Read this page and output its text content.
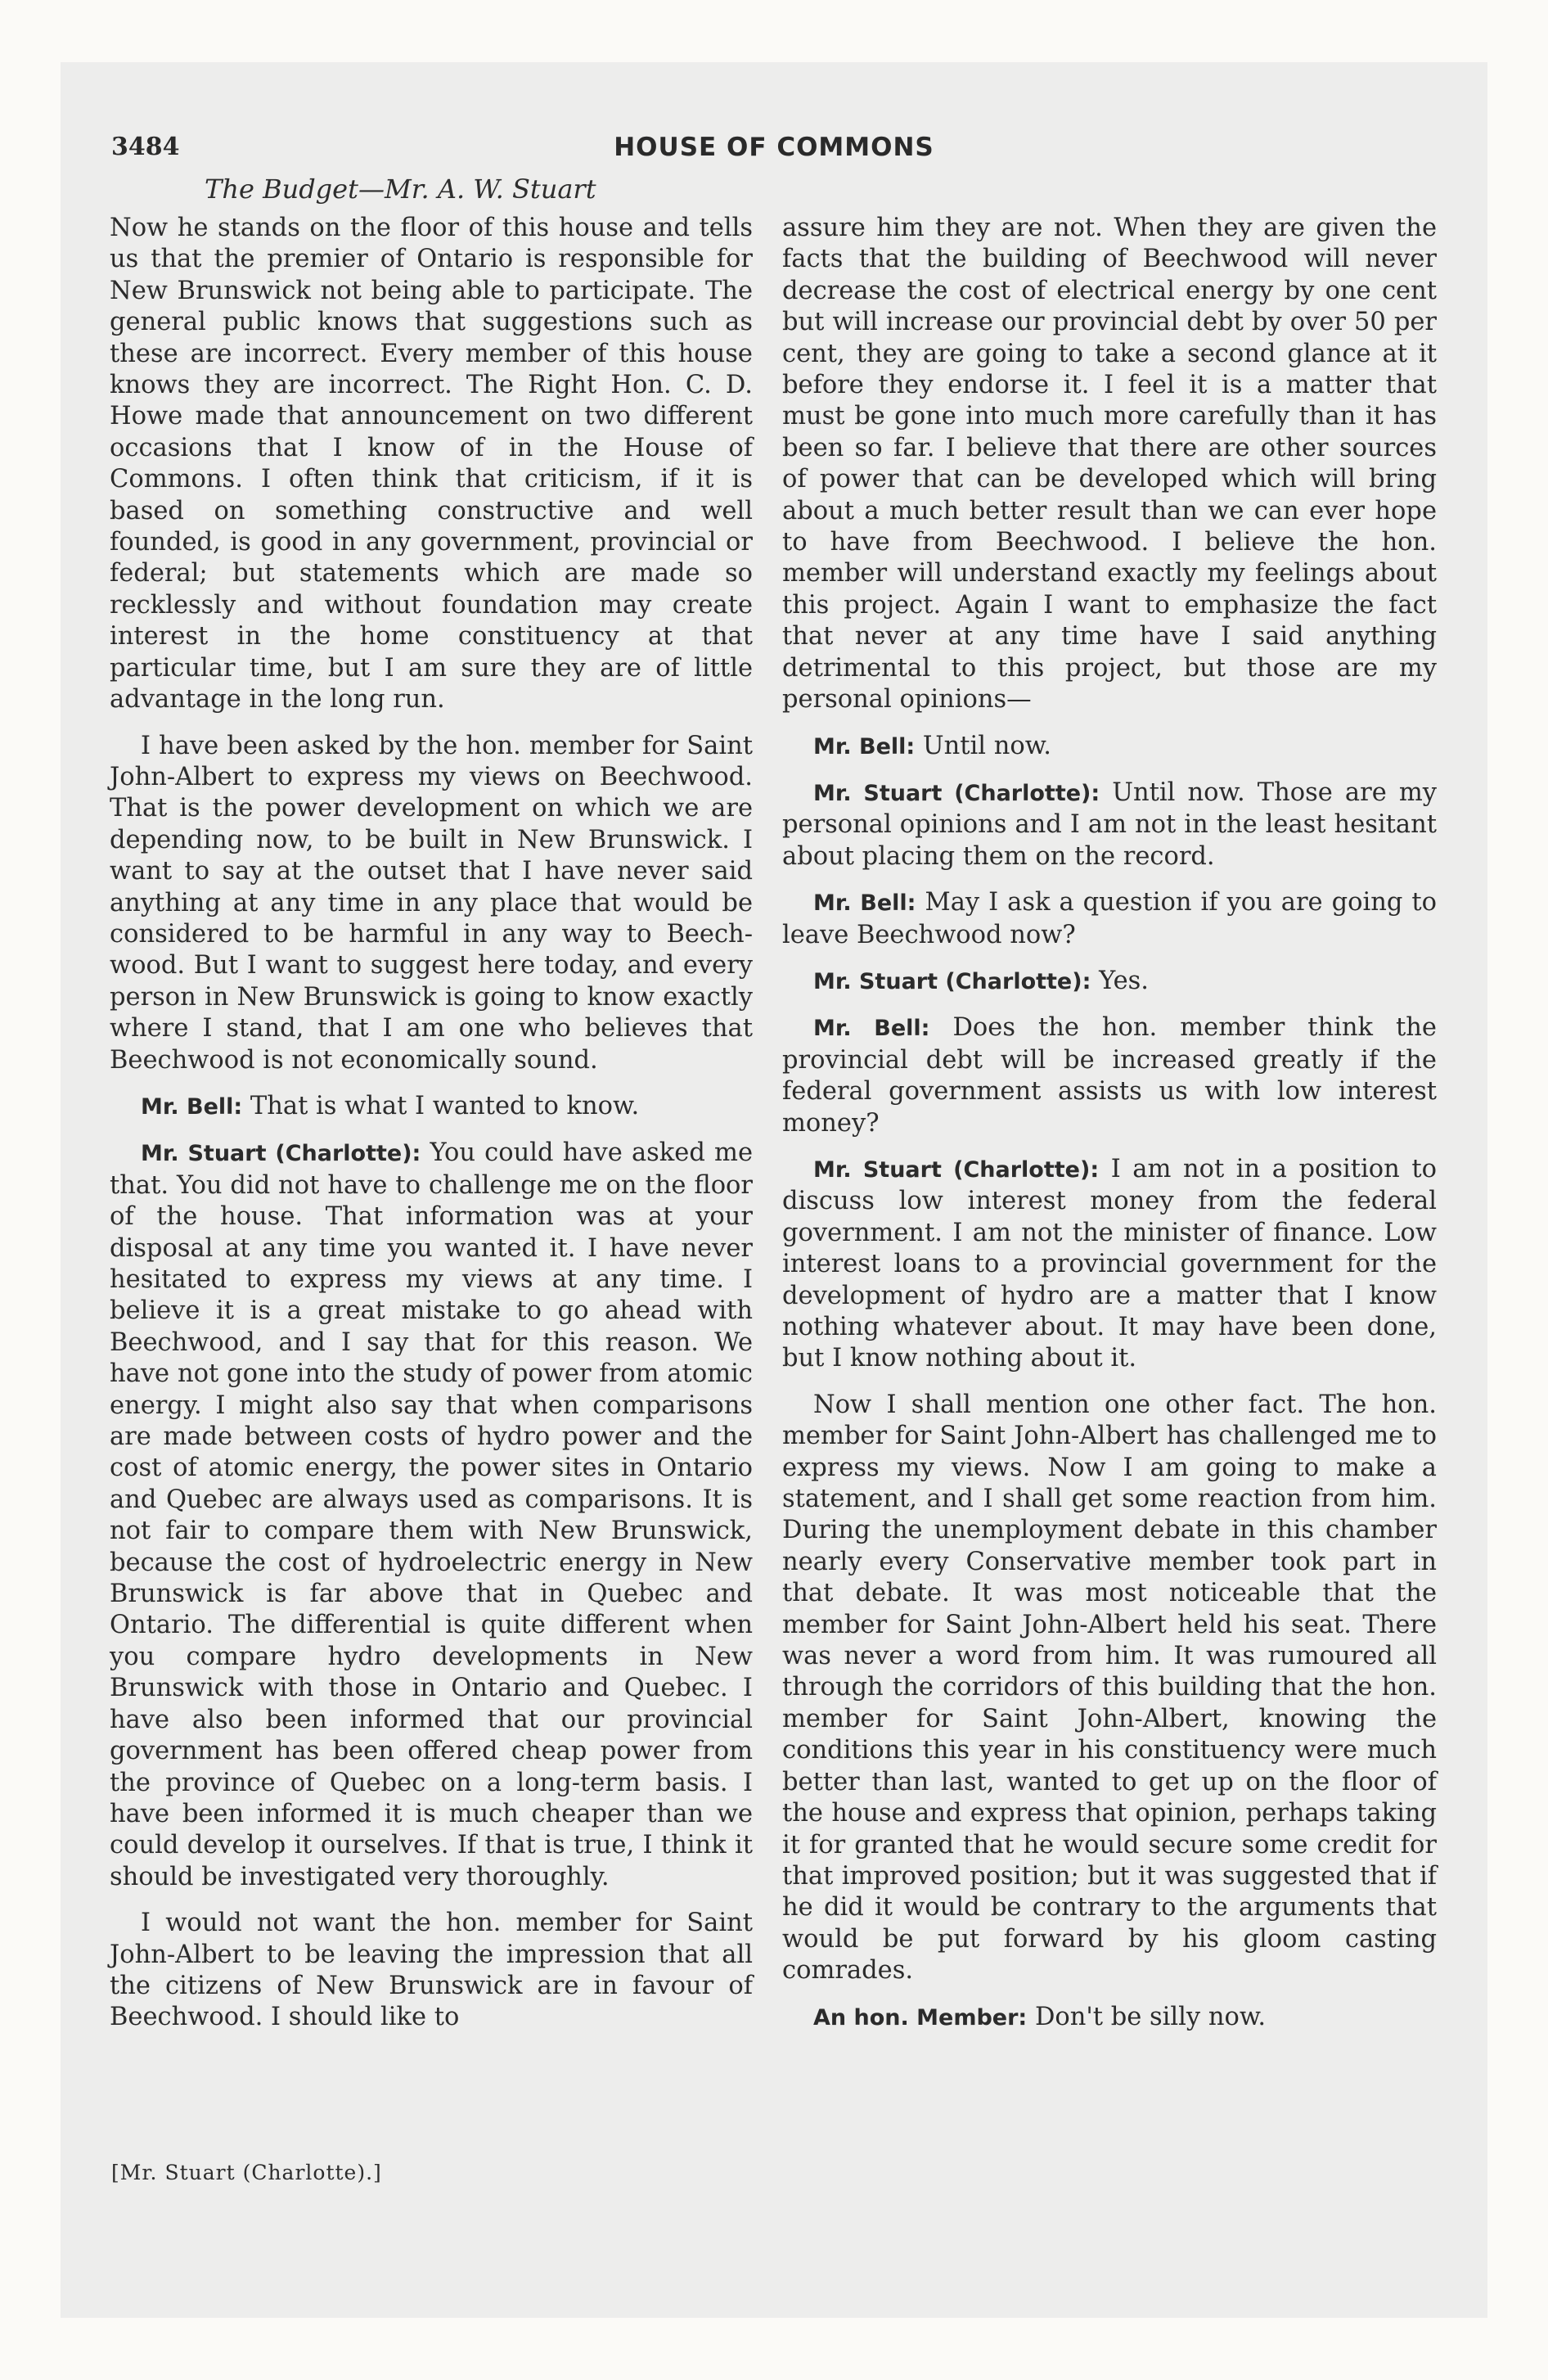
3484	HOUSE OF COMMONS
The Budget—Mr. A. W. Stuart

Now he stands on the floor of this house and tells us that the premier of Ontario is responsible for New Brunswick not being able to participate. The general public knows that suggestions such as these are incorrect. Every member of this house knows they are incorrect. The Right Hon. C. D. Howe made that announcement on two different occasions that I know of in the House of Commons. I often think that criticism, if it is based on something constructive and well founded, is good in any government, provincial or federal; but statements which are made so recklessly and without foundation may create interest in the home constituency at that particular time, but I am sure they are of little advantage in the long run.

I have been asked by the hon. member for Saint John-Albert to express my views on Beechwood. That is the power development on which we are depending now, to be built in New Brunswick. I want to say at the outset that I have never said anything at any time in any place that would be considered to be harmful in any way to Beechwood. But I want to suggest here today, and every person in New Brunswick is going to know exactly where I stand, that I am one who believes that Beechwood is not economically sound.

Mr. Bell: That is what I wanted to know.

Mr. Stuart (Charlotte): You could have asked me that. You did not have to challenge me on the floor of the house. That information was at your disposal at any time you wanted it. I have never hesitated to express my views at any time. I believe it is a great mistake to go ahead with Beechwood, and I say that for this reason. We have not gone into the study of power from atomic energy. I might also say that when comparisons are made between costs of hydro power and the cost of atomic energy, the power sites in Ontario and Quebec are always used as comparisons. It is not fair to compare them with New Brunswick, because the cost of hydroelectric energy in New Brunswick is far above that in Quebec and Ontario. The differential is quite different when you compare hydro developments in New Brunswick with those in Ontario and Quebec. I have also been informed that our provincial government has been offered cheap power from the province of Quebec on a long-term basis. I have been informed it is much cheaper than we could develop it ourselves. If that is true, I think it should be investigated very thoroughly.

I would not want the hon. member for Saint John-Albert to be leaving the impression that all the citizens of New Brunswick are in favour of Beechwood. I should like to

assure him they are not. When they are given the facts that the building of Beechwood will never decrease the cost of electrical energy by one cent but will increase our provincial debt by over 50 per cent, they are going to take a second glance at it before they endorse it. I feel it is a matter that must be gone into much more carefully than it has been so far. I believe that there are other sources of power that can be developed which will bring about a much better result than we can ever hope to have from Beechwood. I believe the hon. member will understand exactly my feelings about this project. Again I want to emphasize the fact that never at any time have I said anything detrimental to this project, but those are my personal opinions—

Mr. Bell: Until now.

Mr. Stuart (Charlotte): Until now. Those are my personal opinions and I am not in the least hesitant about placing them on the record.

Mr. Bell: May I ask a question if you are going to leave Beechwood now?

Mr. Stuart (Charlotte): Yes.

Mr. Bell: Does the hon. member think the provincial debt will be increased greatly if the federal government assists us with low interest money?

Mr. Stuart (Charlotte): I am not in a position to discuss low interest money from the federal government. I am not the minister of finance. Low interest loans to a provincial government for the development of hydro are a matter that I know nothing whatever about. It may have been done, but I know nothing about it.

Now I shall mention one other fact. The hon. member for Saint John-Albert has challenged me to express my views. Now I am going to make a statement, and I shall get some reaction from him. During the unemployment debate in this chamber nearly every Conservative member took part in that debate. It was most noticeable that the member for Saint John-Albert held his seat. There was never a word from him. It was rumoured all through the corridors of this building that the hon. member for Saint John-Albert, knowing the conditions this year in his constituency were much better than last, wanted to get up on the floor of the house and express that opinion, perhaps taking it for granted that he would secure some credit for that improved position; but it was suggested that if he did it would be contrary to the arguments that would be put forward by his gloom casting comrades.

An hon. Member: Don't be silly now.

[Mr. Stuart (Charlotte).]
